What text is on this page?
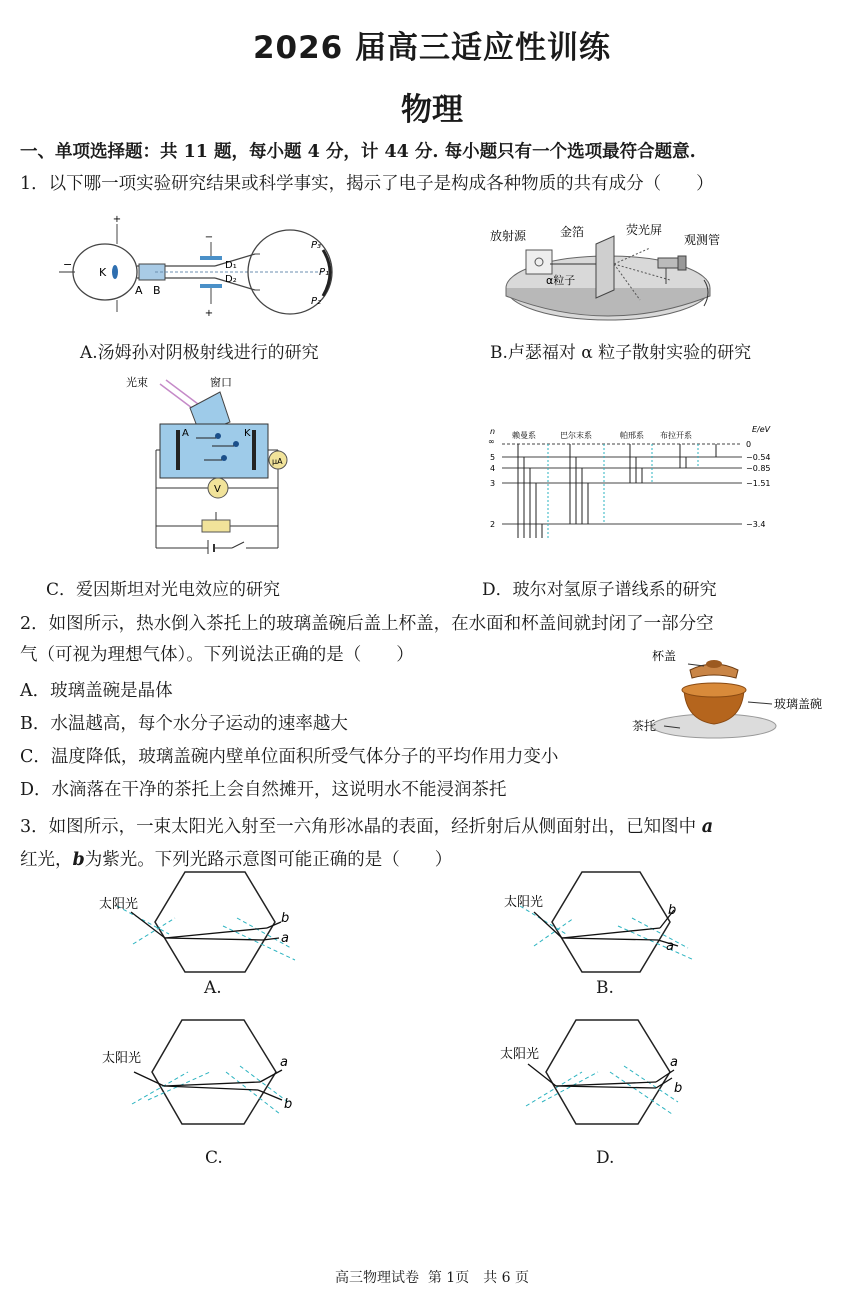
2026 届高三适应性训练
物理
一、单项选择题：共 11 题，每小题 4 分，计 44 分. 每小题只有一个选项最符合题意.
1．以下哪一项实验研究结果或科学事实，揭示了电子是构成各种物质的共有成分（　　）
+
−
K
A B
−
+
D₁
D₂
P₃
P₁
P₂
放射源	金箔	荧光屏
观测管
α粒子
A.汤姆孙对阴极射线进行的研究	B.卢瑟福对 α 粒子散射实验的研究
光束	窗口
A	K
μA
V
n
∞
E/eV
赖曼系	巴尔末系	帕邢系 布拉开系
5
4
3
2
0
−0.54
−0.85
−1.51
−3.4
C．爱因斯坦对光电效应的研究	D．玻尔对氢原子谱线系的研究
2．如图所示，热水倒入茶托上的玻璃盖碗后盖上杯盖，在水面和杯盖间就封闭了一部分空
气（可视为理想气体）。下列说法正确的是（　　）
A．玻璃盖碗是晶体
B．水温越高，每个水分子运动的速率越大
C．温度降低，玻璃盖碗内壁单位面积所受气体分子的平均作用力变小
D．水滴落在干净的茶托上会自然摊开，这说明水不能浸润茶托
杯盖
玻璃盖碗
茶托
3．如图所示，一束太阳光入射至一六角形冰晶的表面，经折射后从侧面射出，已知图中 a
红光，b为紫光。下列光路示意图可能正确的是（　　）
太阳光
b
a
A.
太阳光
b
a
B.
太阳光	a
b
C.
太阳光
a
b
D.
高三物理试卷  第 1页　共 6 页
